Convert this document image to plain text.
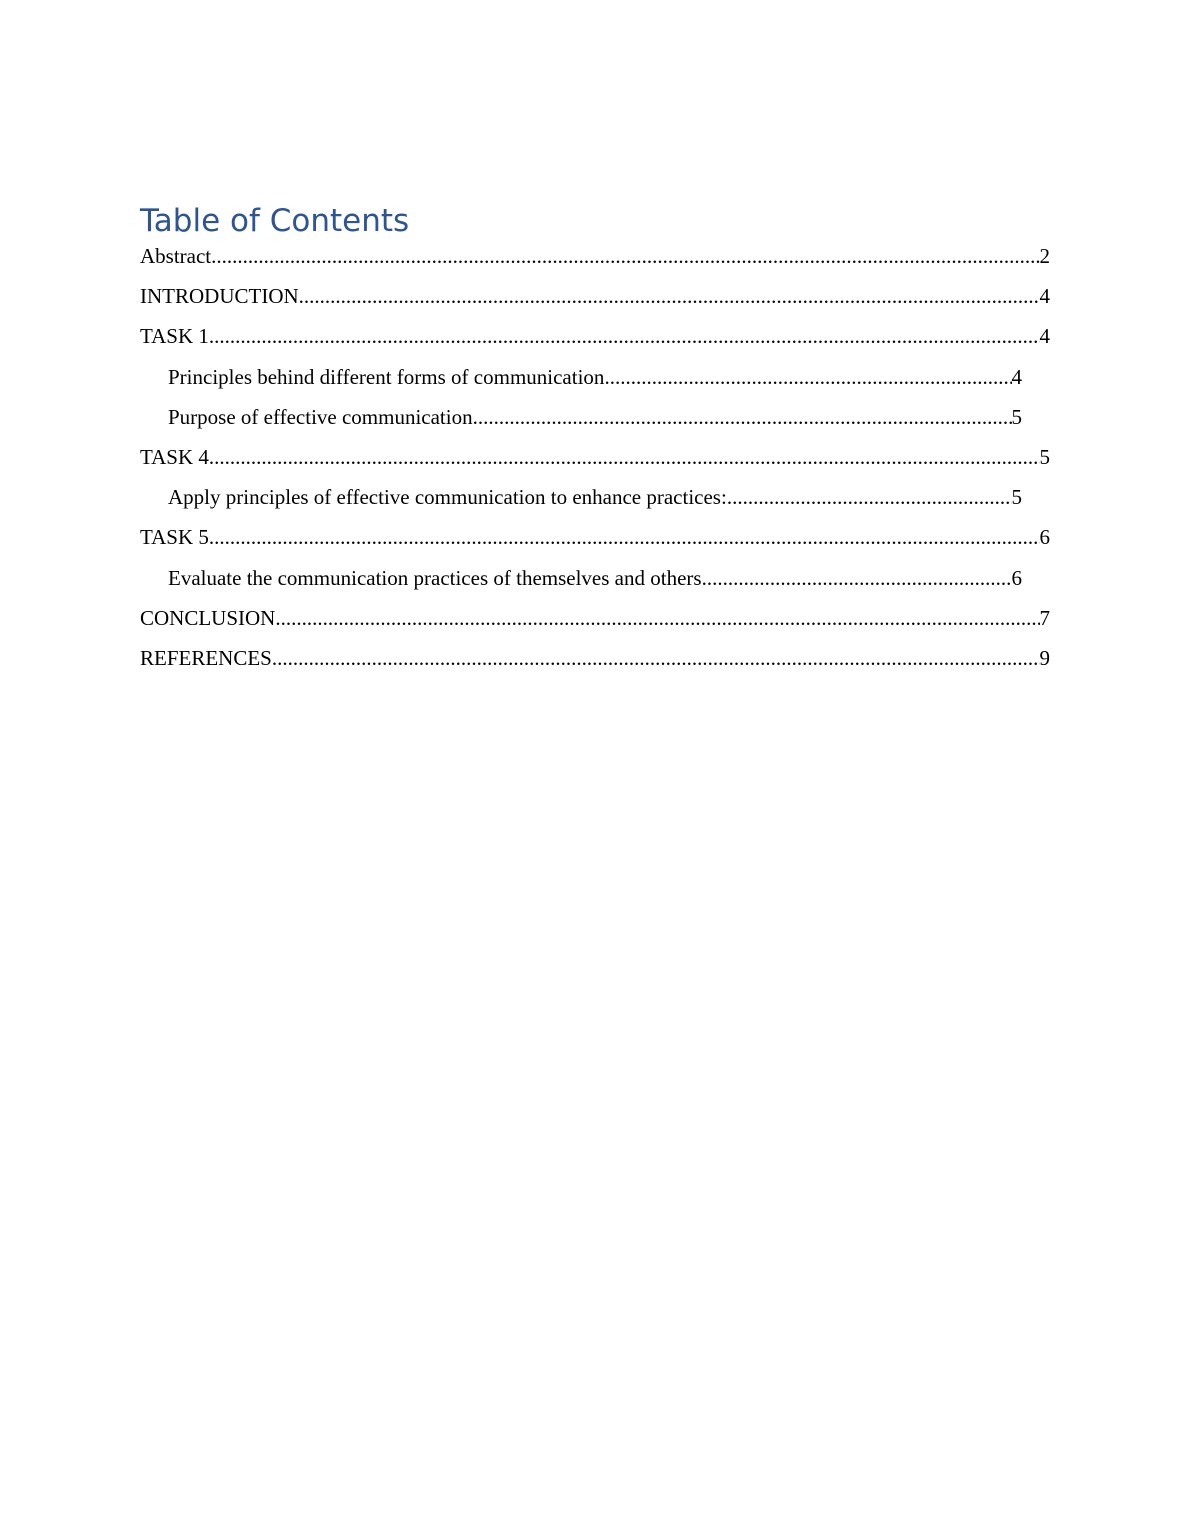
Table of Contents
Abstract .....	2
INTRODUCTION .....	4
TASK 1 .....	4
Principles behind different forms of communication .....	4
Purpose of effective communication .....	5
TASK 4 .....	5
Apply principles of effective communication to enhance practices: .....	5
TASK 5 .....	6
Evaluate the communication practices of themselves and others .....	6
CONCLUSION .....	7
REFERENCES .....	9
